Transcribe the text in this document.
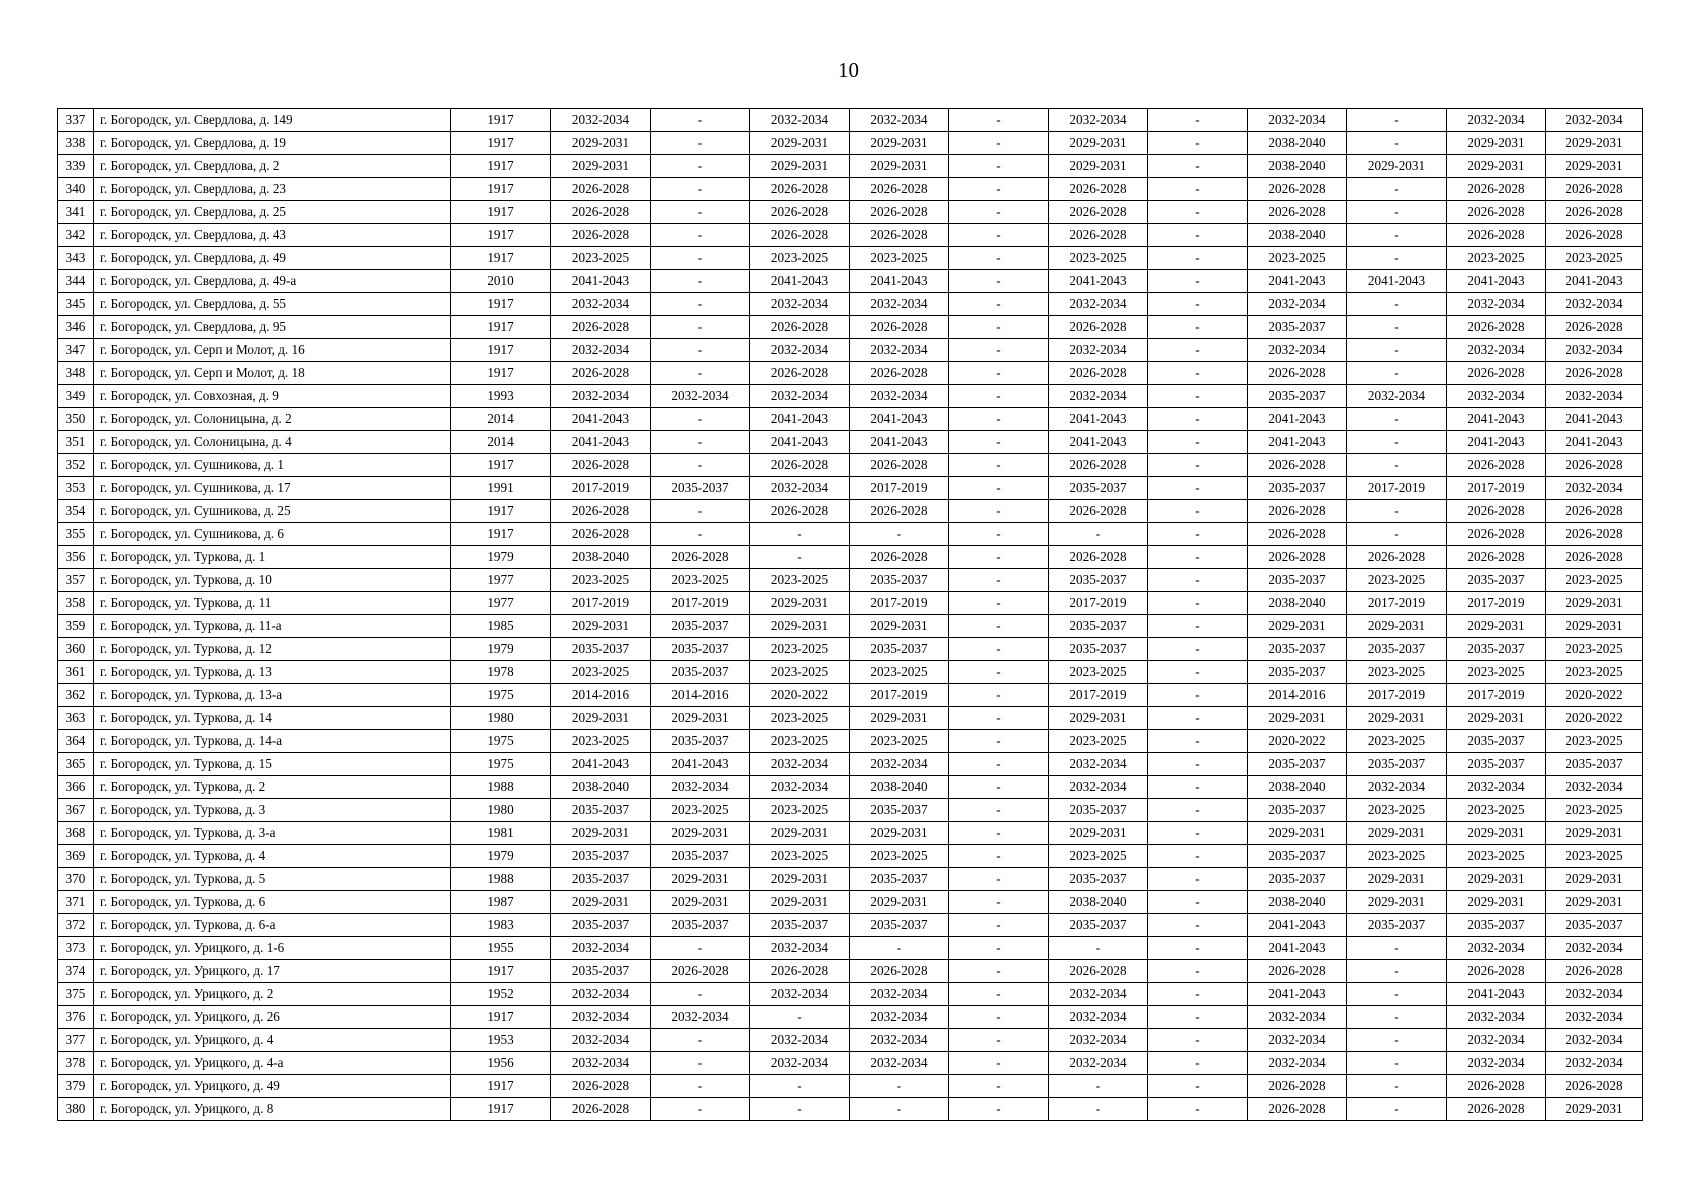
10
337	г. Богородск, ул. Свердлова, д. 149	1917	2032-2034	-	2032-2034	2032-2034	-	2032-2034	-	2032-2034	-	2032-2034	2032-2034
338	г. Богородск, ул. Свердлова, д. 19	1917	2029-2031	-	2029-2031	2029-2031	-	2029-2031	-	2038-2040	-	2029-2031	2029-2031
339	г. Богородск, ул. Свердлова, д. 2	1917	2029-2031	-	2029-2031	2029-2031	-	2029-2031	-	2038-2040	2029-2031	2029-2031	2029-2031
340	г. Богородск, ул. Свердлова, д. 23	1917	2026-2028	-	2026-2028	2026-2028	-	2026-2028	-	2026-2028	-	2026-2028	2026-2028
341	г. Богородск, ул. Свердлова, д. 25	1917	2026-2028	-	2026-2028	2026-2028	-	2026-2028	-	2026-2028	-	2026-2028	2026-2028
342	г. Богородск, ул. Свердлова, д. 43	1917	2026-2028	-	2026-2028	2026-2028	-	2026-2028	-	2038-2040	-	2026-2028	2026-2028
343	г. Богородск, ул. Свердлова, д. 49	1917	2023-2025	-	2023-2025	2023-2025	-	2023-2025	-	2023-2025	-	2023-2025	2023-2025
344	г. Богородск, ул. Свердлова, д. 49-а	2010	2041-2043	-	2041-2043	2041-2043	-	2041-2043	-	2041-2043	2041-2043	2041-2043	2041-2043
345	г. Богородск, ул. Свердлова, д. 55	1917	2032-2034	-	2032-2034	2032-2034	-	2032-2034	-	2032-2034	-	2032-2034	2032-2034
346	г. Богородск, ул. Свердлова, д. 95	1917	2026-2028	-	2026-2028	2026-2028	-	2026-2028	-	2035-2037	-	2026-2028	2026-2028
347	г. Богородск, ул. Серп и Молот, д. 16	1917	2032-2034	-	2032-2034	2032-2034	-	2032-2034	-	2032-2034	-	2032-2034	2032-2034
348	г. Богородск, ул. Серп и Молот, д. 18	1917	2026-2028	-	2026-2028	2026-2028	-	2026-2028	-	2026-2028	-	2026-2028	2026-2028
349	г. Богородск, ул. Совхозная, д. 9	1993	2032-2034	2032-2034	2032-2034	2032-2034	-	2032-2034	-	2035-2037	2032-2034	2032-2034	2032-2034
350	г. Богородск, ул. Солоницына, д. 2	2014	2041-2043	-	2041-2043	2041-2043	-	2041-2043	-	2041-2043	-	2041-2043	2041-2043
351	г. Богородск, ул. Солоницына, д. 4	2014	2041-2043	-	2041-2043	2041-2043	-	2041-2043	-	2041-2043	-	2041-2043	2041-2043
352	г. Богородск, ул. Сушникова, д. 1	1917	2026-2028	-	2026-2028	2026-2028	-	2026-2028	-	2026-2028	-	2026-2028	2026-2028
353	г. Богородск, ул. Сушникова, д. 17	1991	2017-2019	2035-2037	2032-2034	2017-2019	-	2035-2037	-	2035-2037	2017-2019	2017-2019	2032-2034
354	г. Богородск, ул. Сушникова, д. 25	1917	2026-2028	-	2026-2028	2026-2028	-	2026-2028	-	2026-2028	-	2026-2028	2026-2028
355	г. Богородск, ул. Сушникова, д. 6	1917	2026-2028	-	-	-	-	-	-	2026-2028	-	2026-2028	2026-2028
356	г. Богородск, ул. Туркова, д. 1	1979	2038-2040	2026-2028	-	2026-2028	-	2026-2028	-	2026-2028	2026-2028	2026-2028	2026-2028
357	г. Богородск, ул. Туркова, д. 10	1977	2023-2025	2023-2025	2023-2025	2035-2037	-	2035-2037	-	2035-2037	2023-2025	2035-2037	2023-2025
358	г. Богородск, ул. Туркова, д. 11	1977	2017-2019	2017-2019	2029-2031	2017-2019	-	2017-2019	-	2038-2040	2017-2019	2017-2019	2029-2031
359	г. Богородск, ул. Туркова, д. 11-а	1985	2029-2031	2035-2037	2029-2031	2029-2031	-	2035-2037	-	2029-2031	2029-2031	2029-2031	2029-2031
360	г. Богородск, ул. Туркова, д. 12	1979	2035-2037	2035-2037	2023-2025	2035-2037	-	2035-2037	-	2035-2037	2035-2037	2035-2037	2023-2025
361	г. Богородск, ул. Туркова, д. 13	1978	2023-2025	2035-2037	2023-2025	2023-2025	-	2023-2025	-	2035-2037	2023-2025	2023-2025	2023-2025
362	г. Богородск, ул. Туркова, д. 13-а	1975	2014-2016	2014-2016	2020-2022	2017-2019	-	2017-2019	-	2014-2016	2017-2019	2017-2019	2020-2022
363	г. Богородск, ул. Туркова, д. 14	1980	2029-2031	2029-2031	2023-2025	2029-2031	-	2029-2031	-	2029-2031	2029-2031	2029-2031	2020-2022
364	г. Богородск, ул. Туркова, д. 14-а	1975	2023-2025	2035-2037	2023-2025	2023-2025	-	2023-2025	-	2020-2022	2023-2025	2035-2037	2023-2025
365	г. Богородск, ул. Туркова, д. 15	1975	2041-2043	2041-2043	2032-2034	2032-2034	-	2032-2034	-	2035-2037	2035-2037	2035-2037	2035-2037
366	г. Богородск, ул. Туркова, д. 2	1988	2038-2040	2032-2034	2032-2034	2038-2040	-	2032-2034	-	2038-2040	2032-2034	2032-2034	2032-2034
367	г. Богородск, ул. Туркова, д. 3	1980	2035-2037	2023-2025	2023-2025	2035-2037	-	2035-2037	-	2035-2037	2023-2025	2023-2025	2023-2025
368	г. Богородск, ул. Туркова, д. 3-а	1981	2029-2031	2029-2031	2029-2031	2029-2031	-	2029-2031	-	2029-2031	2029-2031	2029-2031	2029-2031
369	г. Богородск, ул. Туркова, д. 4	1979	2035-2037	2035-2037	2023-2025	2023-2025	-	2023-2025	-	2035-2037	2023-2025	2023-2025	2023-2025
370	г. Богородск, ул. Туркова, д. 5	1988	2035-2037	2029-2031	2029-2031	2035-2037	-	2035-2037	-	2035-2037	2029-2031	2029-2031	2029-2031
371	г. Богородск, ул. Туркова, д. 6	1987	2029-2031	2029-2031	2029-2031	2029-2031	-	2038-2040	-	2038-2040	2029-2031	2029-2031	2029-2031
372	г. Богородск, ул. Туркова, д. 6-а	1983	2035-2037	2035-2037	2035-2037	2035-2037	-	2035-2037	-	2041-2043	2035-2037	2035-2037	2035-2037
373	г. Богородск, ул. Урицкого, д. 1-6	1955	2032-2034	-	2032-2034	-	-	-	-	2041-2043	-	2032-2034	2032-2034
374	г. Богородск, ул. Урицкого, д. 17	1917	2035-2037	2026-2028	2026-2028	2026-2028	-	2026-2028	-	2026-2028	-	2026-2028	2026-2028
375	г. Богородск, ул. Урицкого, д. 2	1952	2032-2034	-	2032-2034	2032-2034	-	2032-2034	-	2041-2043	-	2041-2043	2032-2034
376	г. Богородск, ул. Урицкого, д. 26	1917	2032-2034	2032-2034	-	2032-2034	-	2032-2034	-	2032-2034	-	2032-2034	2032-2034
377	г. Богородск, ул. Урицкого, д. 4	1953	2032-2034	-	2032-2034	2032-2034	-	2032-2034	-	2032-2034	-	2032-2034	2032-2034
378	г. Богородск, ул. Урицкого, д. 4-а	1956	2032-2034	-	2032-2034	2032-2034	-	2032-2034	-	2032-2034	-	2032-2034	2032-2034
379	г. Богородск, ул. Урицкого, д. 49	1917	2026-2028	-	-	-	-	-	-	2026-2028	-	2026-2028	2026-2028
380	г. Богородск, ул. Урицкого, д. 8	1917	2026-2028	-	-	-	-	-	-	2026-2028	-	2026-2028	2029-2031
